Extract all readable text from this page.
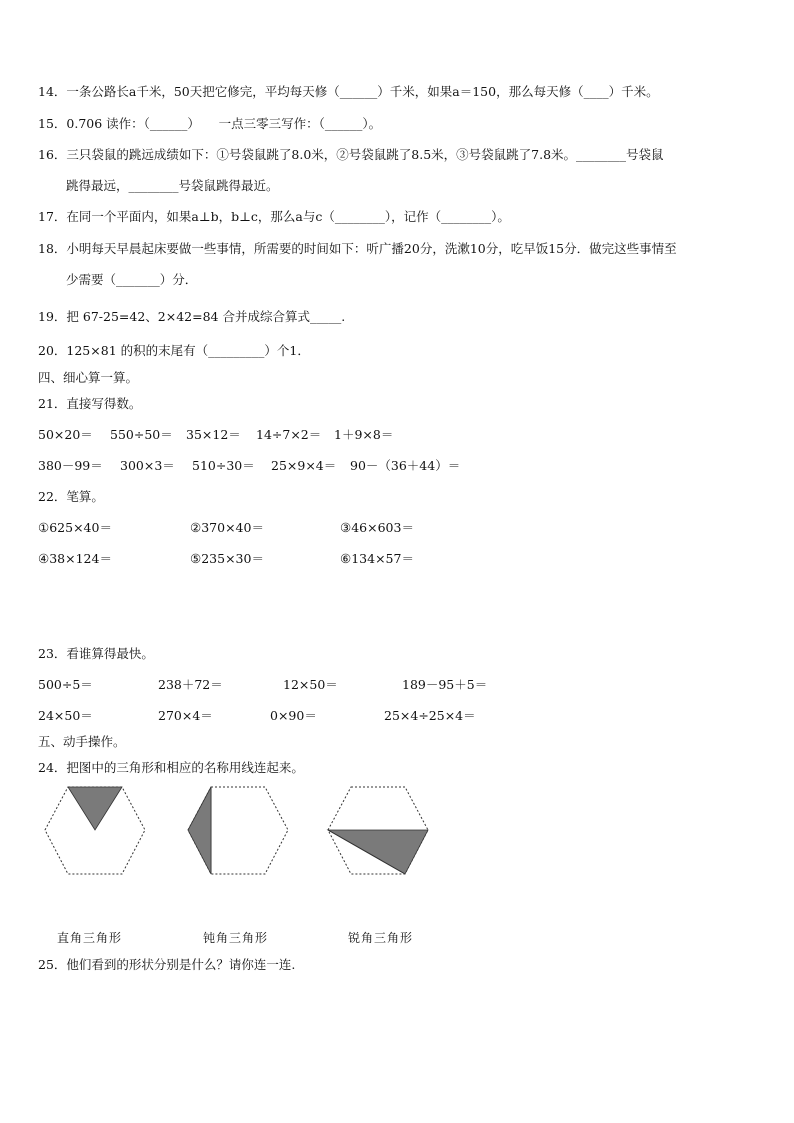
14．一条公路长a千米，50天把它修完，平均每天修（______）千米，如果a＝150，那么每天修（____）千米。
15．0.706 读作：（______）　　一点三零三写作：（______）。
16．三只袋鼠的跳远成绩如下：①号袋鼠跳了8.0米，②号袋鼠跳了8.5米，③号袋鼠跳了7.8米。________号袋鼠
跳得最远，________号袋鼠跳得最近。
17．在同一个平面内，如果a⊥b，b⊥c，那么a与c（________），记作（________）。
18．小明每天早晨起床要做一些事情，所需要的时间如下：听广播20分，洗漱10分，吃早饭15分．做完这些事情至
少需要（_______）分．
19．把 67-25=42、2×42=84 合并成综合算式_____.
20．125×81 的积的末尾有（_________）个1．
四、细心算一算。
21．直接写得数。
50×20＝ 550÷50＝ 35×12＝ 14÷7×2＝ 1＋9×8＝
380－99＝ 300×3＝ 510÷30＝ 25×9×4＝ 90－（36＋44）＝
22．笔算。
①625×40＝	②370×40＝	③46×603＝
④38×124＝	⑤235×30＝	⑥134×57＝
23．看谁算得最快。
500÷5＝	238＋72＝	12×50＝	189－95＋5＝
24×50＝	270×4＝	0×90＝	25×4÷25×4＝
五、动手操作。
24．把图中的三角形和相应的名称用线连起来。
直角三角形	钝角三角形	锐角三角形
25．他们看到的形状分别是什么？请你连一连.
